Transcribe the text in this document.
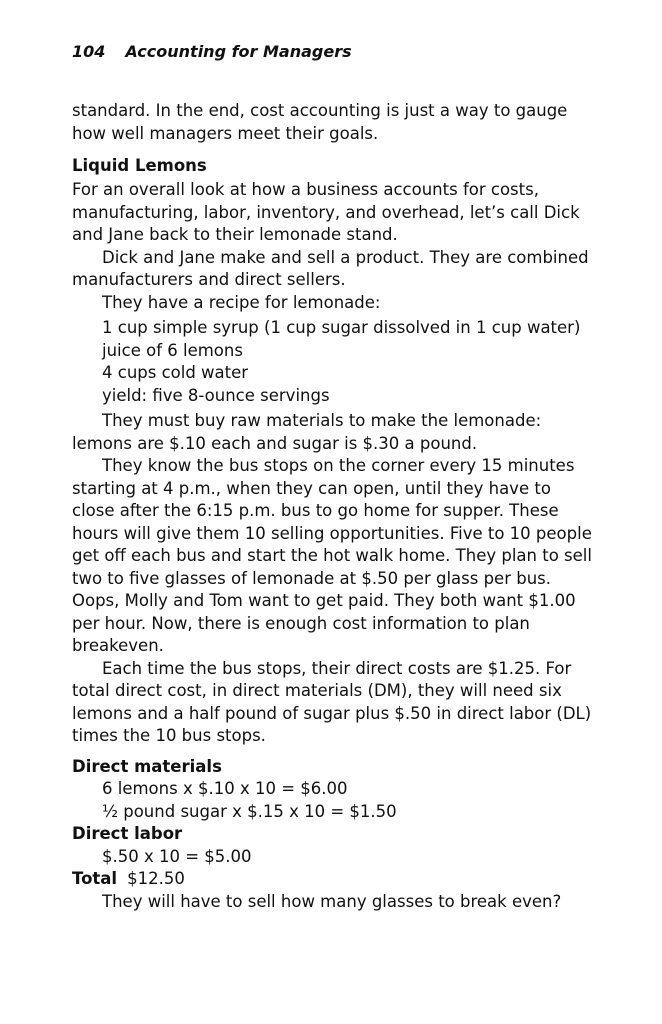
104 Accounting for Managers

standard. In the end, cost accounting is just a way to gauge how well managers meet their goals.

Liquid Lemons

For an overall look at how a business accounts for costs, manufacturing, labor, inventory, and overhead, let’s call Dick and Jane back to their lemonade stand.

Dick and Jane make and sell a product. They are combined manufacturers and direct sellers.

They have a recipe for lemonade:

1 cup simple syrup (1 cup sugar dissolved in 1 cup water)
juice of 6 lemons
4 cups cold water
yield: five 8-ounce servings

They must buy raw materials to make the lemonade: lemons are $.10 each and sugar is $.30 a pound.

They know the bus stops on the corner every 15 minutes starting at 4 p.m., when they can open, until they have to close after the 6:15 p.m. bus to go home for supper. These hours will give them 10 selling opportunities. Five to 10 people get off each bus and start the hot walk home. They plan to sell two to five glasses of lemonade at $.50 per glass per bus. Oops, Molly and Tom want to get paid. They both want $1.00 per hour. Now, there is enough cost information to plan breakeven.

Each time the bus stops, their direct costs are $1.25. For total direct cost, in direct materials (DM), they will need six lemons and a half pound of sugar plus $.50 in direct labor (DL) times the 10 bus stops.

Direct materials
6 lemons x $.10 x 10 = $6.00
½ pound sugar x $.15 x 10 = $1.50
Direct labor
$.50 x 10 = $5.00
Total $12.50
They will have to sell how many glasses to break even?
